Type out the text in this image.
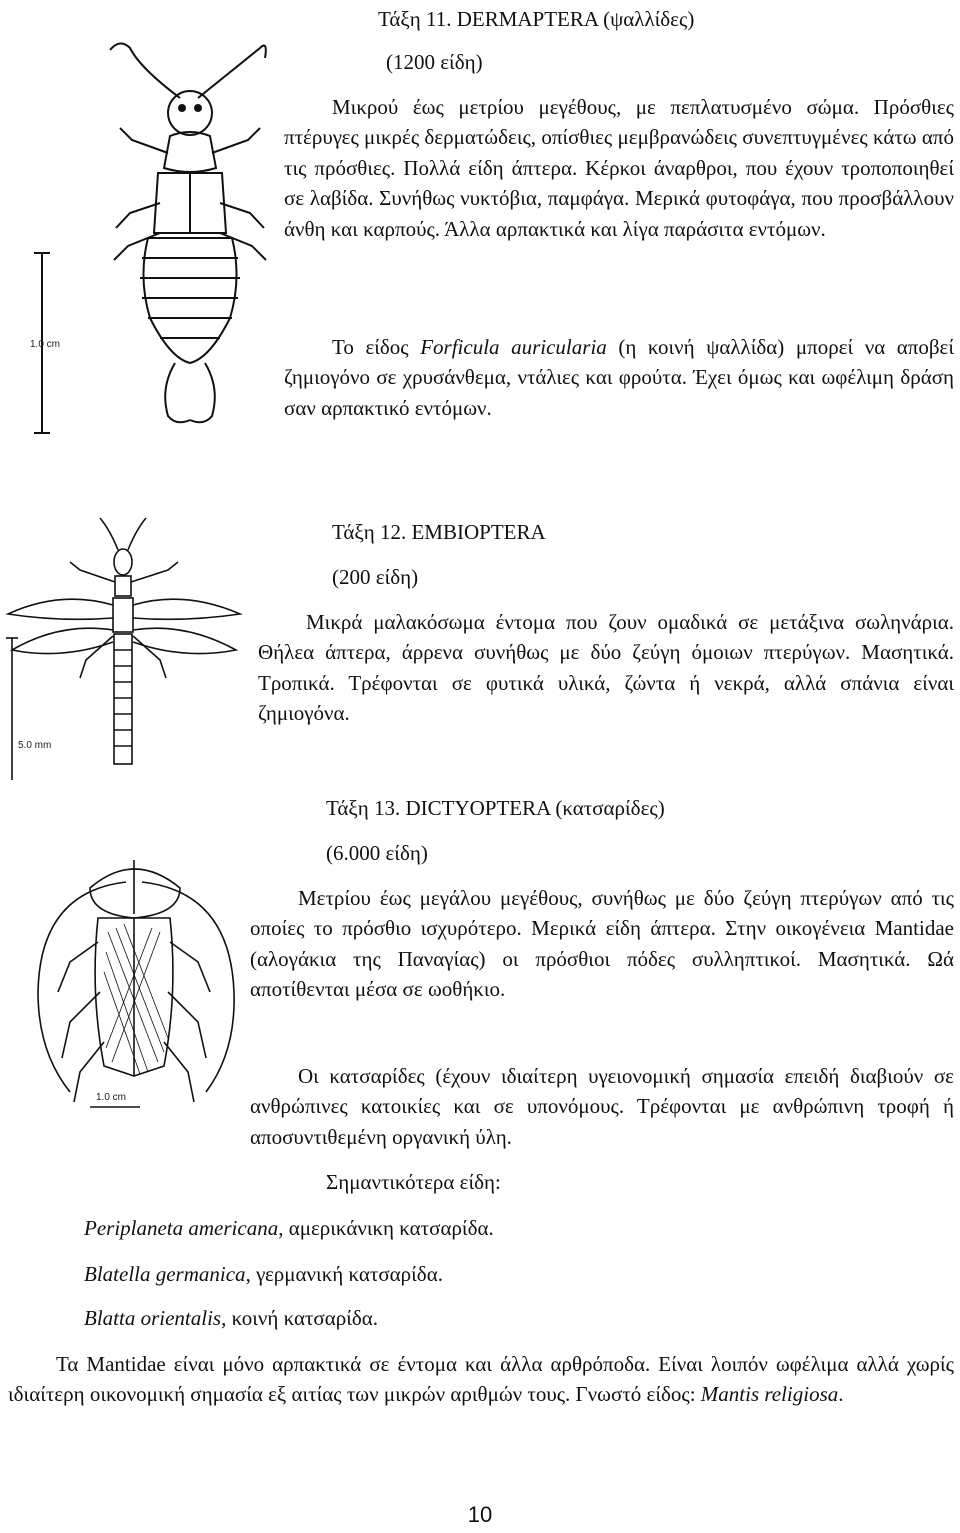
Τάξη 11. DERMAPTERA (ψαλλίδες)

(1200 είδη)

Μικρού έως μετρίου μεγέθους, με πεπλατυσμένο σώμα. Πρόσθιες πτέρυγες μικρές δερματώδεις, οπίσθιες μεμβρανώδεις συνεπτυγμένες κάτω από τις πρόσθιες. Πολλά είδη άπτερα. Κέρκοι άναρθροι, που έχουν τροποποιηθεί σε λαβίδα. Συνήθως νυκτόβια, παμφάγα. Μερικά φυτοφάγα, που προσβάλλουν άνθη και καρπούς. Άλλα αρπακτικά και λίγα παράσιτα εντόμων.

Το είδος Forficula auricularia (η κοινή ψαλλίδα) μπορεί να αποβεί ζημιογόνο σε χρυσάνθεμα, ντάλιες και φρούτα. Έχει όμως και ωφέλιμη δράση σαν αρπακτικό εντόμων.

1.0 cm

Τάξη 12. EMBIOPTERA

(200 είδη)

Μικρά μαλακόσωμα έντομα που ζουν ομαδικά σε μετάξινα σωληνάρια. Θήλεα άπτερα, άρρενα συνήθως με δύο ζεύγη όμοιων πτερύγων. Μασητικά. Τροπικά. Τρέφονται σε φυτικά υλικά, ζώντα ή νεκρά, αλλά σπάνια είναι ζημιογόνα.

5.0 mm

Τάξη 13. DICTYOPTERA (κατσαρίδες)

(6.000 είδη)

Μετρίου έως μεγάλου μεγέθους, συνήθως με δύο ζεύγη πτερύγων από τις οποίες το πρόσθιο ισχυρότερο. Μερικά είδη άπτερα. Στην οικογένεια Mantidae (αλογάκια της Παναγίας) οι πρόσθιοι πόδες συλληπτικοί. Μασητικά. Ωά αποτίθενται μέσα σε ωοθήκιο.

Οι κατσαρίδες (έχουν ιδιαίτερη υγειονομική σημασία επειδή διαβιούν σε ανθρώπινες κατοικίες και σε υπονόμους. Τρέφονται με ανθρώπινη τροφή ή αποσυντιθεμένη οργανική ύλη.

Σημαντικότερα είδη:

Periplaneta americana, αμερικάνικη κατσαρίδα.

Blatella germanica, γερμανική κατσαρίδα.

Blatta orientalis, κοινή κατσαρίδα.

Τα Mantidae είναι μόνο αρπακτικά σε έντομα και άλλα αρθρόποδα. Είναι λοιπόν ωφέλιμα αλλά χωρίς ιδιαίτερη οικονομική σημασία εξ αιτίας των μικρών αριθμών τους. Γνωστό είδος: Mantis religiosa.

1.0 cm

10
